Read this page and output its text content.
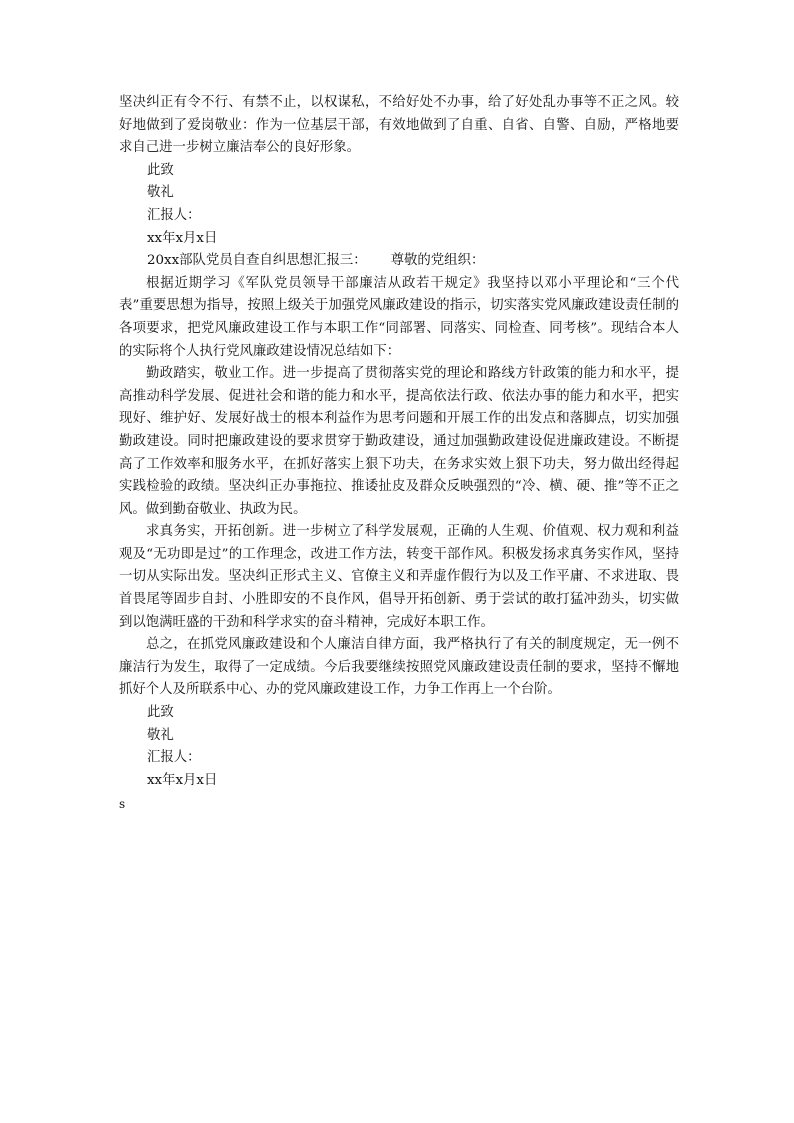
坚决纠正有令不行、有禁不止，以权谋私，不给好处不办事，给了好处乱办事等不正之风。较好地做到了爱岗敬业：作为一位基层干部，有效地做到了自重、自省、自警、自励，严格地要求自己进一步树立廉洁奉公的良好形象。

此致
敬礼
汇报人：
xx年x月x日
20xx部队党员自查自纠思想汇报三： 尊敬的党组织：

根据近期学习《军队党员领导干部廉洁从政若干规定》我坚持以邓小平理论和“三个代表”重要思想为指导，按照上级关于加强党风廉政建设的指示，切实落实党风廉政建设责任制的各项要求，把党风廉政建设工作与本职工作“同部署、同落实、同检查、同考核”。现结合本人的实际将个人执行党风廉政建设情况总结如下：

勤政踏实，敬业工作。进一步提高了贯彻落实党的理论和路线方针政策的能力和水平，提高推动科学发展、促进社会和谐的能力和水平，提高依法行政、依法办事的能力和水平，把实现好、维护好、发展好战士的根本利益作为思考问题和开展工作的出发点和落脚点，切实加强勤政建设。同时把廉政建设的要求贯穿于勤政建设，通过加强勤政建设促进廉政建设。不断提高了工作效率和服务水平，在抓好落实上狠下功夫，在务求实效上狠下功夫，努力做出经得起实践检验的政绩。坚决纠正办事拖拉、推诿扯皮及群众反映强烈的“冷、横、硬、推”等不正之风。做到勤奋敬业、执政为民。

求真务实，开拓创新。进一步树立了科学发展观，正确的人生观、价值观、权力观和利益观及“无功即是过”的工作理念，改进工作方法，转变干部作风。积极发扬求真务实作风，坚持一切从实际出发。坚决纠正形式主义、官僚主义和弄虚作假行为以及工作平庸、不求进取、畏首畏尾等固步自封、小胜即安的不良作风，倡导开拓创新、勇于尝试的敢打猛冲劲头，切实做到以饱满旺盛的干劲和科学求实的奋斗精神，完成好本职工作。

总之，在抓党风廉政建设和个人廉洁自律方面，我严格执行了有关的制度规定，无一例不廉洁行为发生，取得了一定成绩。今后我要继续按照党风廉政建设责任制的要求，坚持不懈地抓好个人及所联系中心、办的党风廉政建设工作，力争工作再上一个台阶。

此致
敬礼
汇报人：
xx年x月x日
s
